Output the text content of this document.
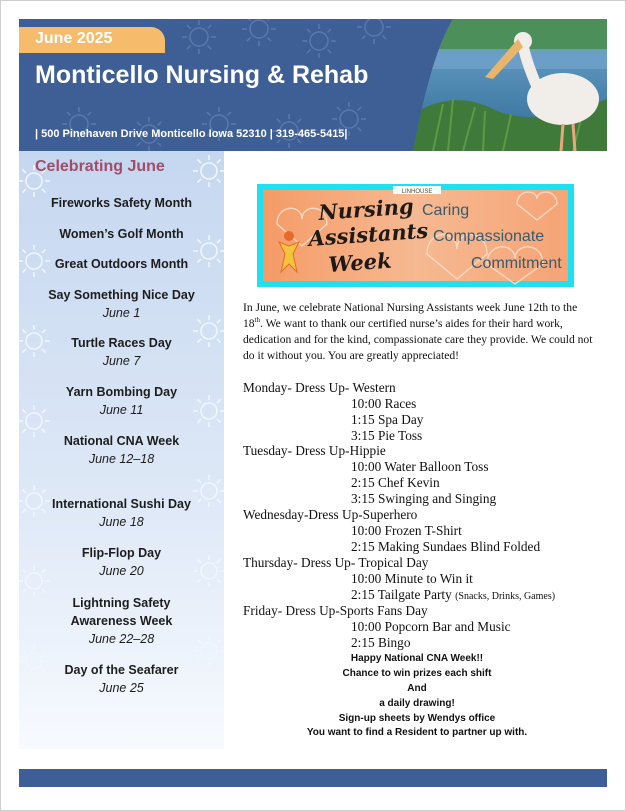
June 2025
Monticello Nursing & Rehab
| 500 Pinehaven Drive Monticello Iowa 52310 | 319-465-5415|
Celebrating June
Fireworks Safety Month
Women’s Golf Month
Great Outdoors Month
Say Something Nice Day
June 1
Turtle Races Day
June 7
Yarn Bombing Day
June 11
National CNA Week
June 12–18
International Sushi Day
June 18
Flip-Flop Day
June 20
Lightning Safety
Awareness Week
June 22–28
Day of the Seafarer
June 25
LINHOUSE
Nursing
Assistants
Week
Caring
Compassionate
Commitment
In June, we celebrate National Nursing Assistants week June 12th to the 18th. We want to thank our certified nurse’s aides for their hard work, dedication and for the kind, compassionate care they provide. We could not do it without you. You are greatly appreciated!
Monday- Dress Up- Western
10:00 Races
1:15 Spa Day
3:15 Pie Toss
Tuesday- Dress Up-Hippie
10:00 Water Balloon Toss
2:15 Chef Kevin
3:15 Swinging and Singing
Wednesday-Dress Up-Superhero
10:00 Frozen T-Shirt
2:15 Making Sundaes Blind Folded
Thursday- Dress Up- Tropical Day
10:00 Minute to Win it
2:15 Tailgate Party (Snacks, Drinks, Games)
Friday- Dress Up-Sports Fans Day
10:00 Popcorn Bar and Music
2:15 Bingo
Happy National CNA Week!!
Chance to win prizes each shift
And
a daily drawing!
Sign-up sheets by Wendys office
You want to find a Resident to partner up with.
